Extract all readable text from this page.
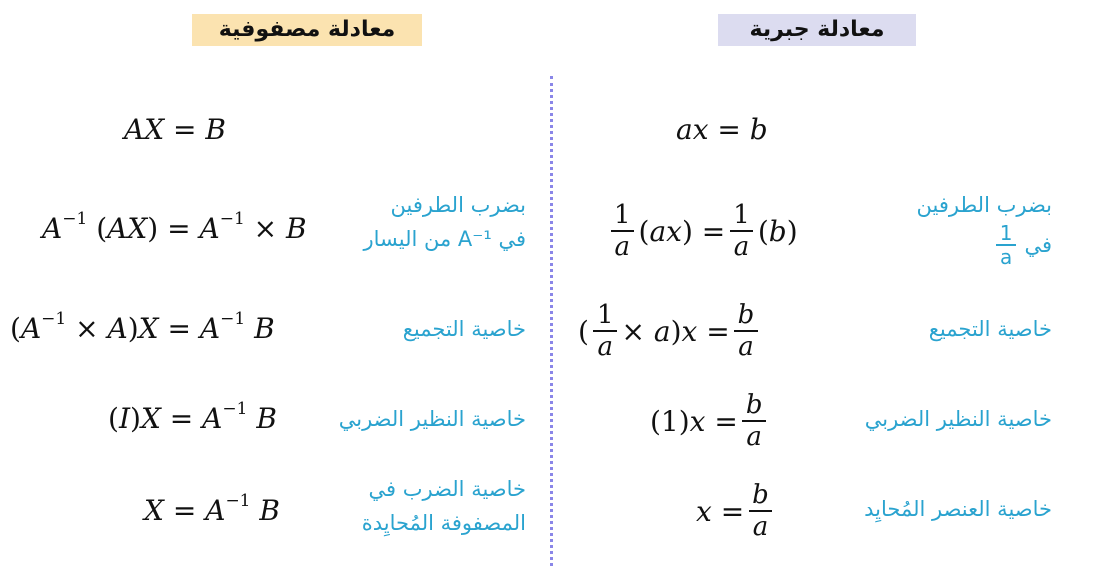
معادلة جبرية
معادلة مصفوفية
ax = b
بضرب الطرفين
في
$\frac{1}{a}$
$\frac{1}{a} (ax) = \frac{1}{a} (b)$
خاصية التجميع
( $\frac{1}{a} \times a)x = \frac{b}{a}$
خاصية النظير الضربي
$(1)x = \frac{b}{a}$
خاصية العنصر المُحايِد
$x = \frac{b}{a}$
AX = B
بضرب الطرفين
في A⁻¹ من اليسار
$A^{-1}$ $(AX) = A^{-1} \times B$
خاصية التجميع
$(A^{-1} \times A)X = A^{-1}$ B
خاصية النظير الضربي
$(I)X = A^{-1}$ B
خاصية الضرب في
المصفوفة المُحايِدة
$X = A^{-1}$ B
